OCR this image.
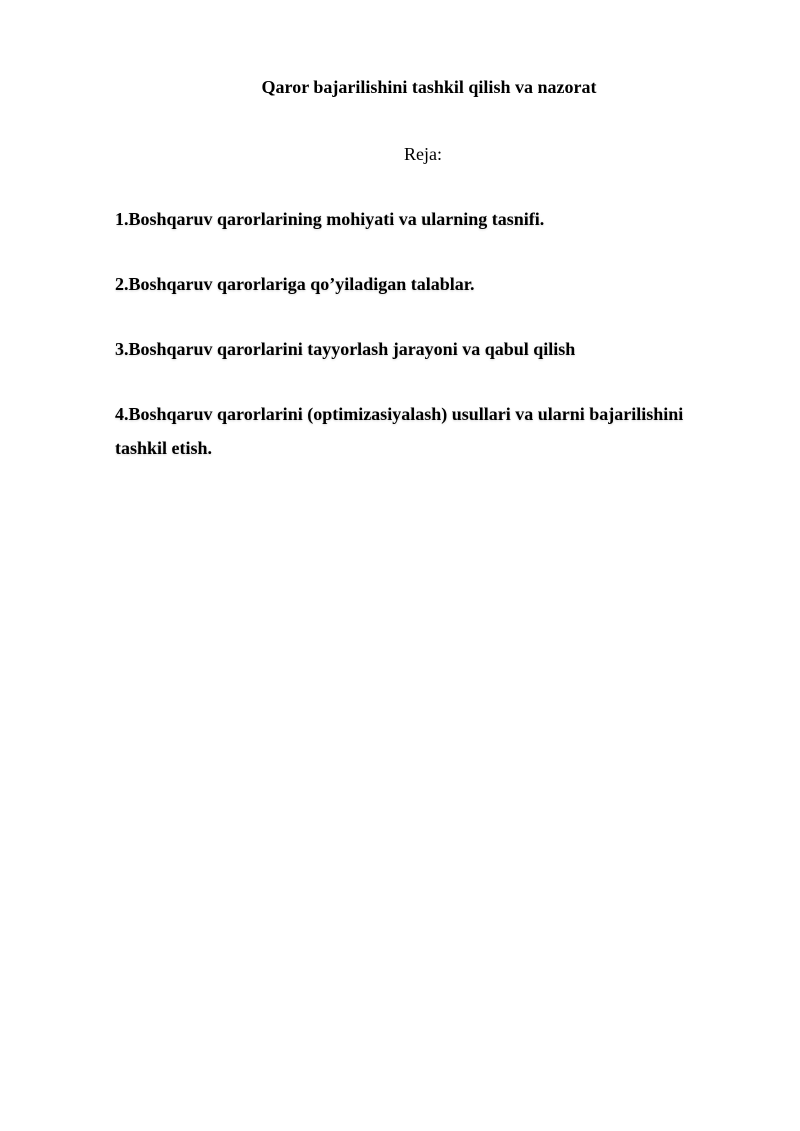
Qaror bajarilishini tashkil qilish va nazorat

Reja:

1.Boshqaruv qarorlarining mohiyati va ularning tasnifi.

2.Boshqaruv qarorlariga qo’yiladigan talablar.

3.Boshqaruv qarorlarini tayyorlash jarayoni va qabul qilish

4.Boshqaruv qarorlarini (optimizasiyalash) usullari va ularni bajarilishini tashkil etish.
